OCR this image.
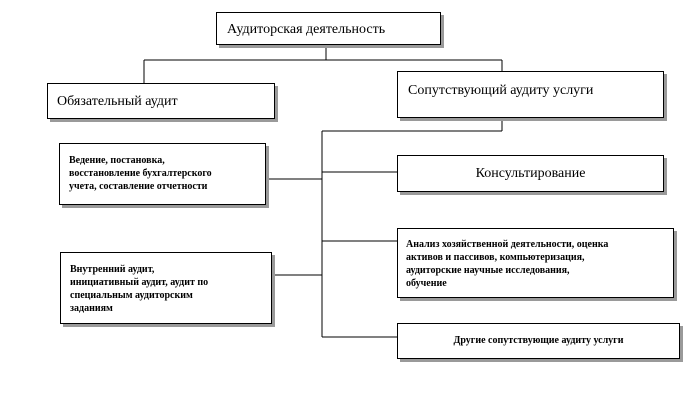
Аудиторская деятельность
Обязательный аудит
Сопутствующий аудиту услуги
Ведение, постановка,
восстановление бухгалтерского
учета, составление отчетности
Консультирование
Внутренний аудит,
инициативный аудит, аудит по
специальным аудиторским
заданиям
Анализ хозяйственной деятельности, оценка
активов и пассивов, компьютеризация,
аудиторские научные исследования,
обучение
Другие сопутствующие аудиту услуги
